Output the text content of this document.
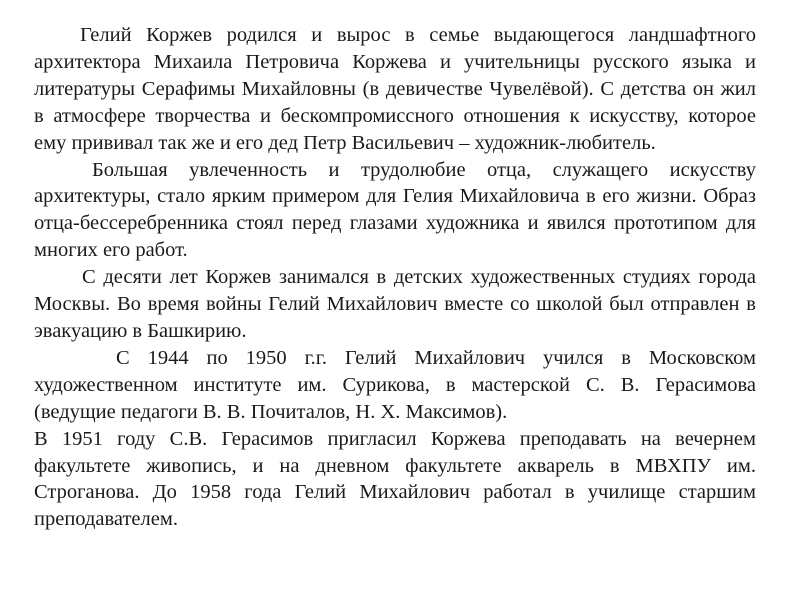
Гелий Коржев родился и вырос в семье выдающегося ландшафтного архитектора Михаила Петровича Коржева и учительницы русского языка и литературы Серафимы Михайловны (в девичестве Чувелёвой). С детства он жил в атмосфере творчества и бескомпромиссного отношения к искусству, которое ему прививал так же и его дед Петр Васильевич – художник-любитель.

Большая увлеченность и трудолюбие отца, служащего искусству архитектуры, стало ярким примером для Гелия Михайловича в его жизни. Образ отца-бессеребренника стоял перед глазами художника и явился прототипом для многих его работ.

С десяти лет Коржев занимался в детских художественных студиях города Москвы. Во время войны Гелий Михайлович вместе со школой был отправлен в эвакуацию в Башкирию.

С 1944 по 1950 г.г. Гелий Михайлович учился в Московском художественном институте им. Сурикова, в мастерской С. В. Герасимова (ведущие педагоги В. В. Почиталов, Н. Х. Максимов).

В 1951 году С.В. Герасимов пригласил Коржева преподавать на вечернем факультете живопись, и на дневном факультете акварель в МВХПУ им. Строганова. До 1958 года Гелий Михайлович работал в училище старшим преподавателем.
